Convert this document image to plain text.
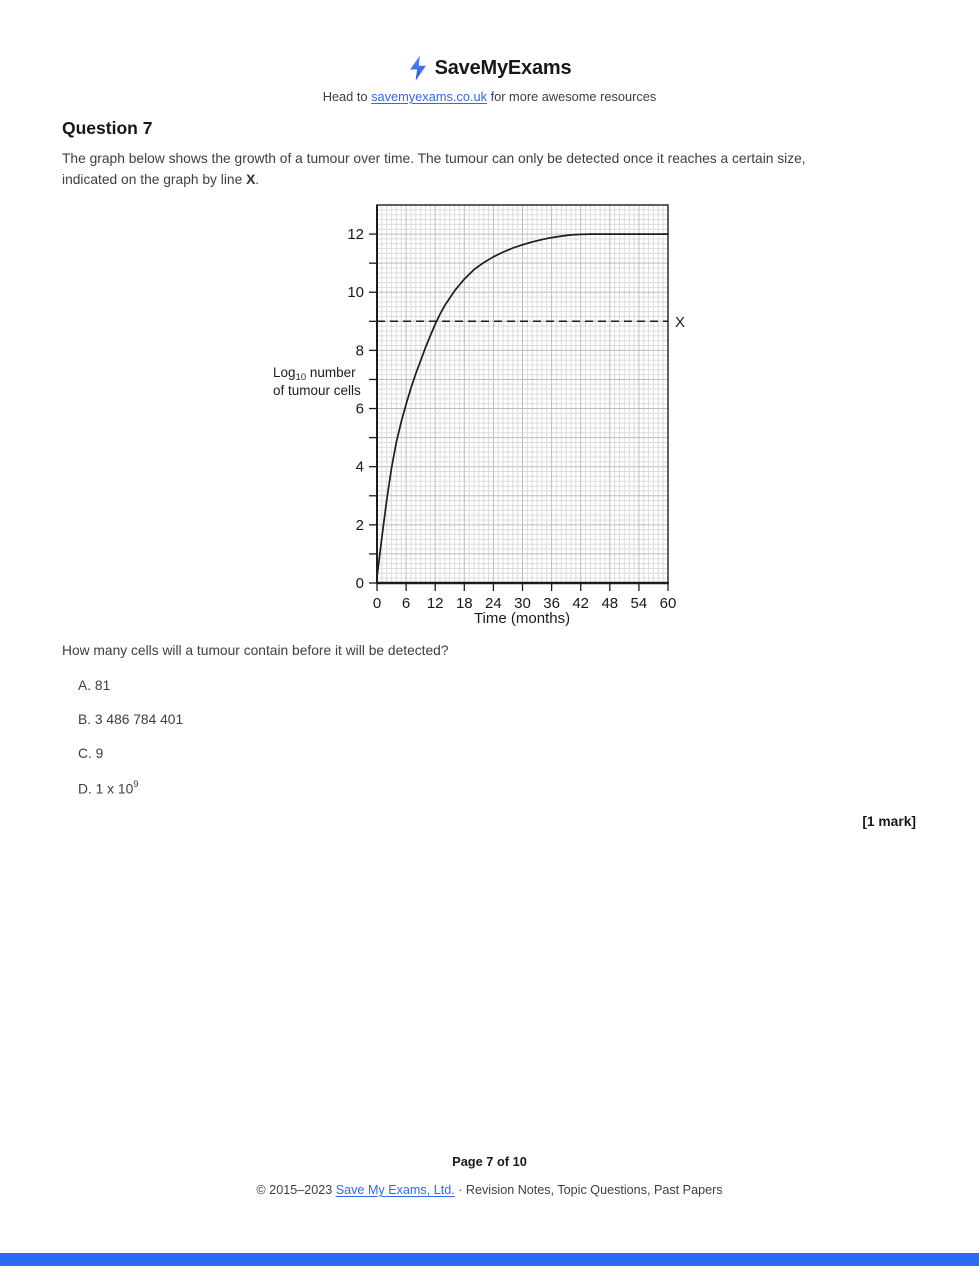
SaveMyExams
Head to savemyexams.co.uk for more awesome resources
Question 7
The graph below shows the growth of a tumour over time. The tumour can only be detected once it reaches a certain size,
indicated on the graph by line X.
Log$_{10}$ number
of tumour cells
Time (months)
X
0
2
4
6
8
10
12
0 6 12 18 24 30 36 42 48 54 60
How many cells will a tumour contain before it will be detected?
A. 81
B. 3 486 784 401
C. 9
D. 1 x $10^9$
[1 mark]
Page 7 of 10
© 2015–2023 Save My Exams, Ltd. · Revision Notes, Topic Questions, Past Papers
